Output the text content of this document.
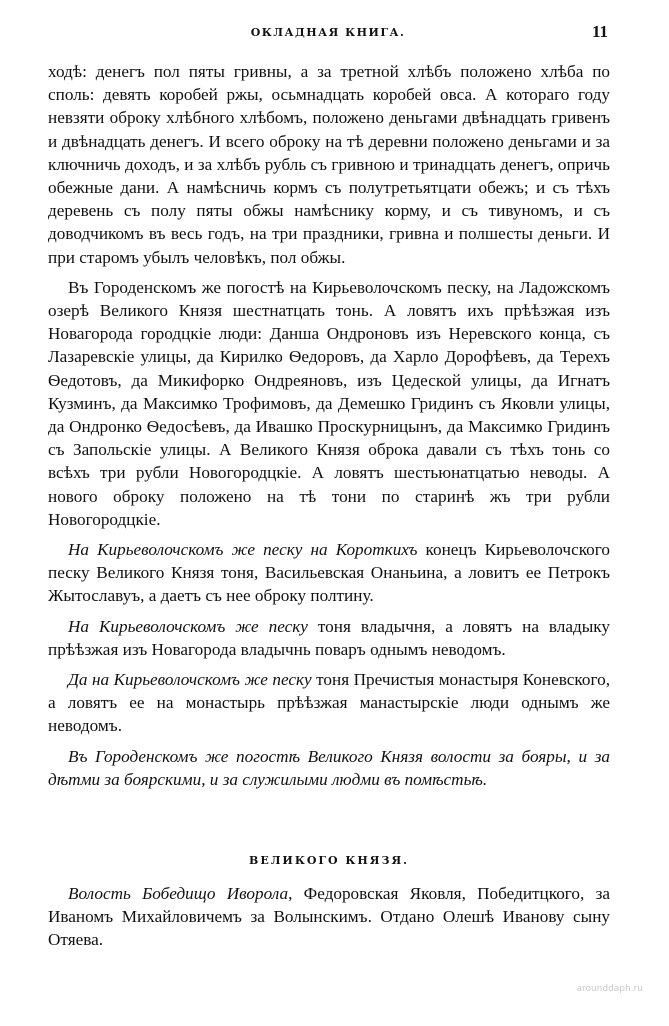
ОКЛАДНАЯ КНИГА.	11

ходѣ: денегъ пол пяты гривны, а за третной хлѣбъ положено хлѣба по споль: девять коробей ржы, осьмнадцать коробей овса. А котораго году невзяти оброку хлѣбного хлѣбомъ, положено деньгами двѣнадцать гривенъ и двѣнадцать денегъ. И всего оброку на тѣ деревни положено деньгами и за ключничь доходъ, и за хлѣбъ рубль съ гривною и тринадцать денегъ, опричь обежные дани. А намѣсничь кормъ съ полутретьятцати обежъ; и съ тѣхъ деревень съ полу пяты обжы намѣснику корму, и съ тивуномъ, и съ доводчикомъ въ весь годъ, на три праздники, гривна и полшесты деньги. И при старомъ убылъ человѣкъ, пол обжы.

Въ Городенскомъ же погостѣ на Кирьеволочскомъ песку, на Ладожскомъ озерѣ Великого Князя шестнатцать тонь. А ловятъ ихъ прѣѣзжая изъ Новагорода городцкіе люди: Данша Ондроновъ изъ Неревского конца, съ Лазаревскіе улицы, да Кирилко Ѳедоровъ, да Харло Дорофѣевъ, да Терехъ Ѳедотовъ, да Микифорко Ондреяновъ, изъ Цедеской улицы, да Игнатъ Кузминъ, да Максимко Трофимовъ, да Демешко Гридинъ съ Яковли улицы, да Ондронко Ѳедосѣевъ, да Ивашко Проскурницынъ, да Максимко Гридинъ съ Запольскіе улицы. А Великого Князя оброка давали съ тѣхъ тонь со всѣхъ три рубли Новогородцкіе. А ловятъ шестьюнатцатью неводы. А нового оброку положено на тѣ тони по старинѣ жъ три рубли Новогородцкіе.

На Кирьеволочскомъ же песку на Короткихъ конецъ Кирьеволочского песку Великого Князя тоня, Васильевская Онаньина, а ловитъ ее Петрокъ Жытославуъ, а даетъ съ нее оброку полтину.

На Кирьеволочскомъ же песку тоня владычня, а ловятъ на владыку прѣѣзжая изъ Новагорода владычнь поваръ однымъ неводомъ.

Да на Кирьеволочскомъ же песку тоня Пречистыя монастыря Коневского, а ловятъ ее на монастырь прѣѣзжая манастырскіе люди однымъ же неводомъ.

Въ Городенскомъ же погостѣ Великого Князя волости за бояры, и за дѣтми за боярскими, и за служилыми людми въ помѣстьѣ.

ВЕЛИКОГО КНЯЗЯ.

Волость Бобедищо Иворола, Федоровская Яковля, Победитцкого, за Иваномъ Михайловичемъ за Волынскимъ. Отдано Олешѣ Иванову сыну Отяева.

arounddaph.ru
